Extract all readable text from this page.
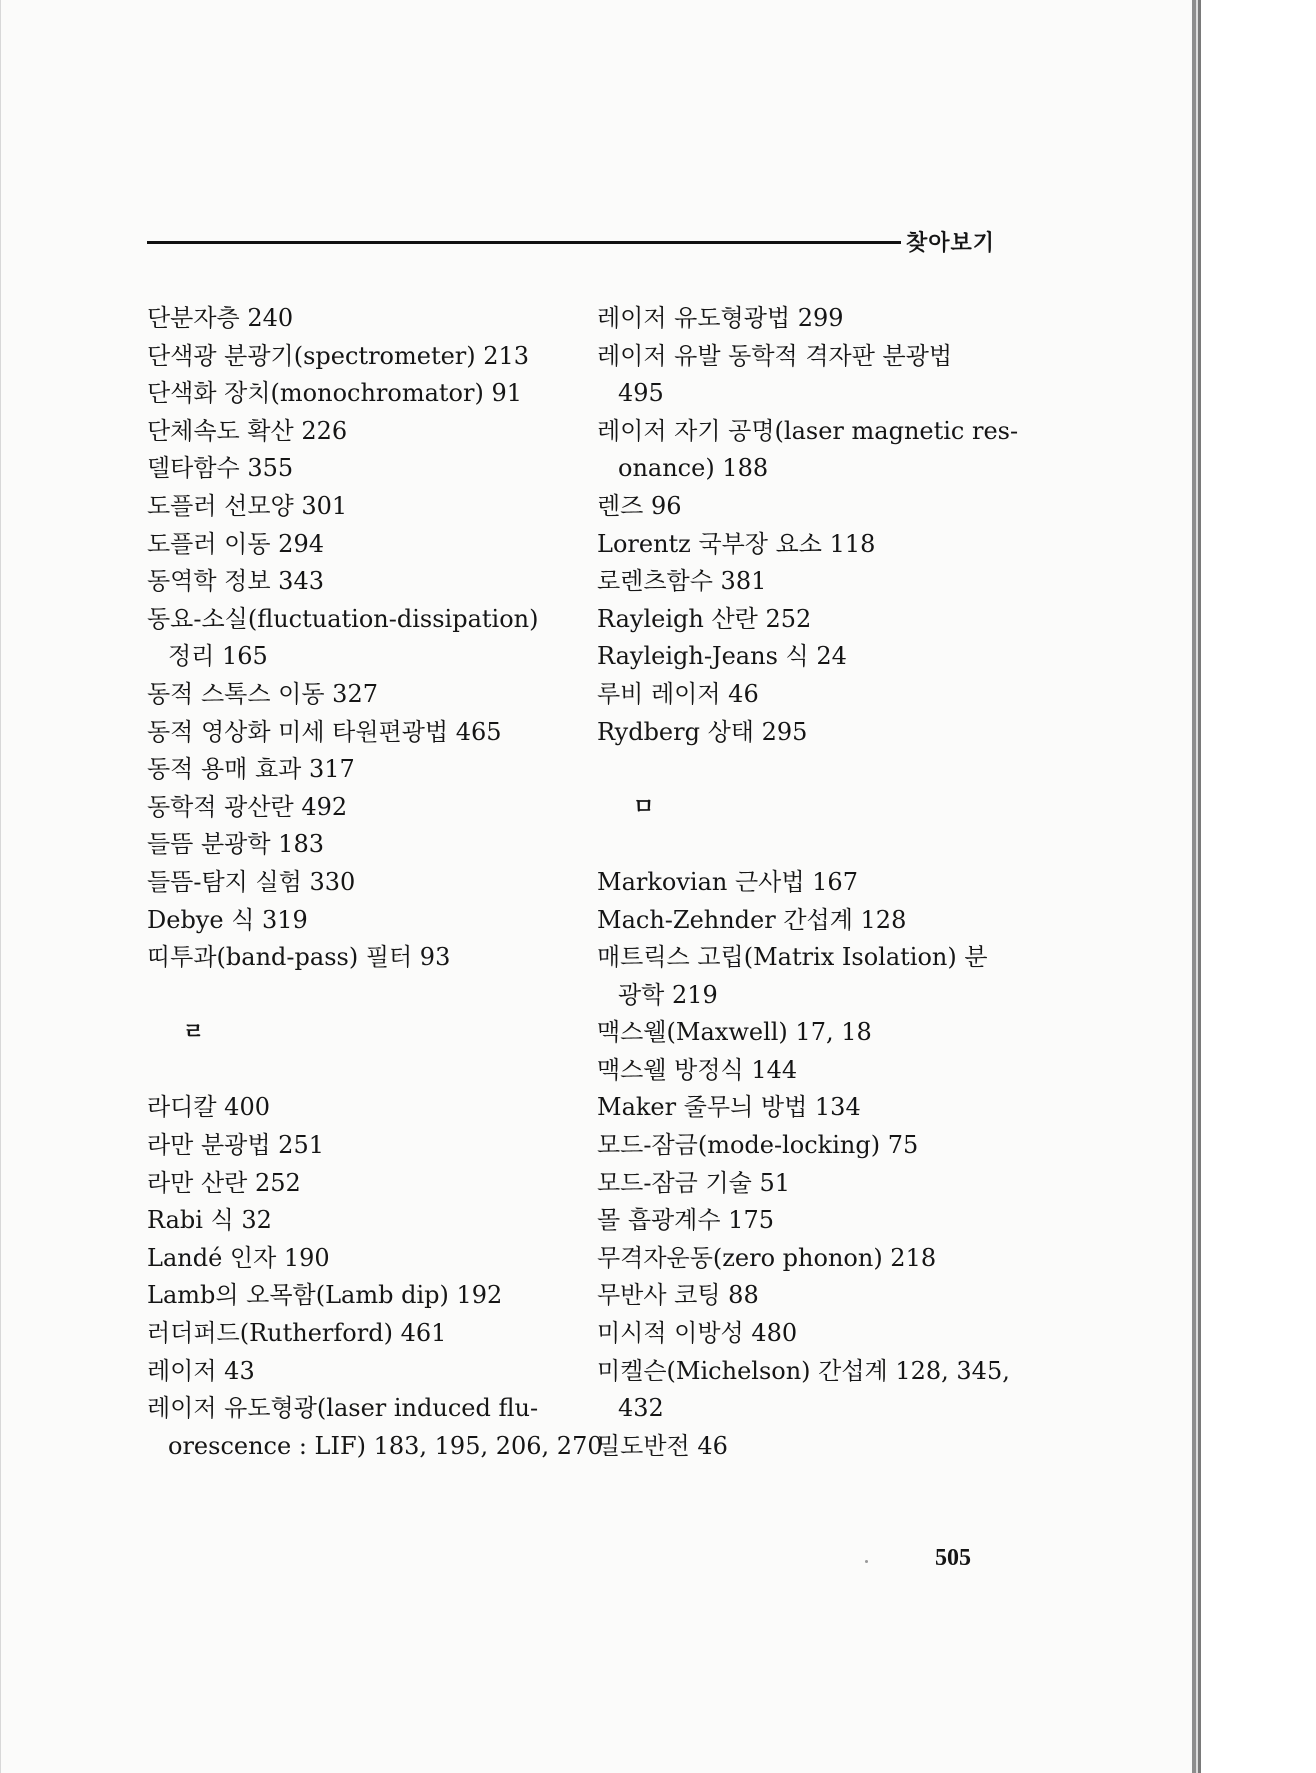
찾아보기
단분자층 240
단색광 분광기(spectrometer) 213
단색화 장치(monochromator) 91
단체속도 확산 226
델타함수 355
도플러 선모양 301
도플러 이동 294
동역학 정보 343
동요-소실(fluctuation-dissipation)
정리 165
동적 스톡스 이동 327
동적 영상화 미세 타원편광법 465
동적 용매 효과 317
동학적 광산란 492
들뜸 분광학 183
들뜸-탐지 실험 330
Debye 식 319
띠투과(band-pass) 필터 93
ㄹ
라디칼 400
라만 분광법 251
라만 산란 252
Rabi 식 32
Landé 인자 190
Lamb의 오목함(Lamb dip) 192
러더퍼드(Rutherford) 461
레이저 43
레이저 유도형광(laser induced flu-
orescence : LIF) 183, 195, 206, 270
레이저 유도형광법 299
레이저 유발 동학적 격자판 분광법
495
레이저 자기 공명(laser magnetic res-
onance) 188
렌즈 96
Lorentz 국부장 요소 118
로렌츠함수 381
Rayleigh 산란 252
Rayleigh-Jeans 식 24
루비 레이저 46
Rydberg 상태 295
ㅁ
Markovian 근사법 167
Mach-Zehnder 간섭계 128
매트릭스 고립(Matrix Isolation) 분
광학 219
맥스웰(Maxwell) 17, 18
맥스웰 방정식 144
Maker 줄무늬 방법 134
모드-잠금(mode-locking) 75
모드-잠금 기술 51
몰 흡광계수 175
무격자운동(zero phonon) 218
무반사 코팅 88
미시적 이방성 480
미켈슨(Michelson) 간섭계 128, 345,
432
밀도반전 46
505
